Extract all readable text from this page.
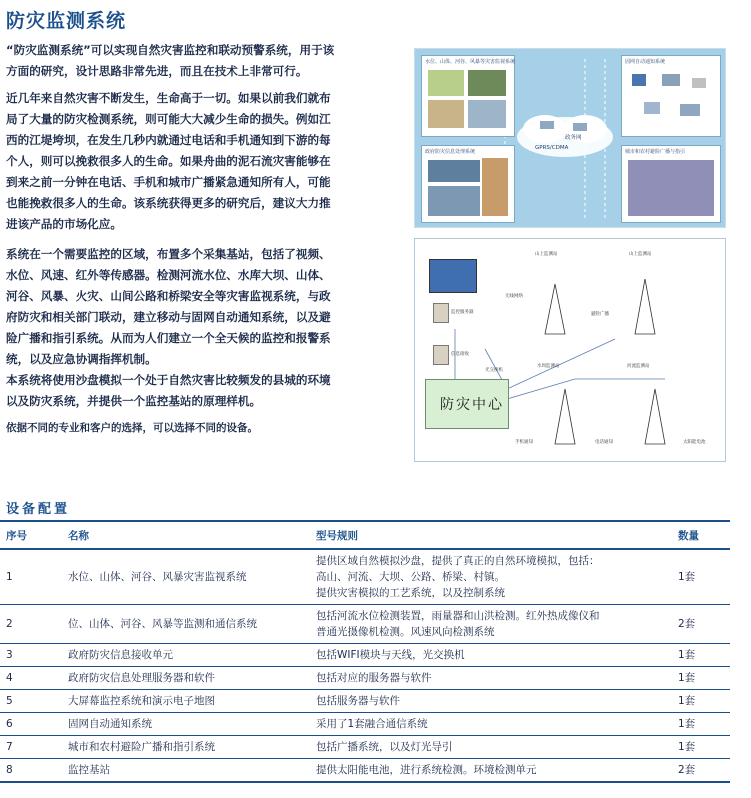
防灾监测系统

“防灾监测系统”可以实现自然灾害监控和联动预警系统，用于该方面的研究，设计思路非常先进，而且在技术上非常可行。

近几年来自然灾害不断发生，生命高于一切。如果以前我们就布局了大量的防灾检测系统，则可能大大减少生命的损失。例如江西的江堤垮坝，在发生几秒内就通过电话和手机通知到下游的每个人，则可以挽救很多人的生命。如果舟曲的泥石流灾害能够在到来之前一分钟在电话、手机和城市广播紧急通知所有人，可能也能挽救很多人的生命。该系统获得更多的研究后，建议大力推进该产品的市场化应。

系统在一个需要监控的区域，布置多个采集基站，包括了视频、水位、风速、红外等传感器。检测河流水位、水库大坝、山体、河谷、风暴、火灾、山间公路和桥梁安全等灾害监视系统，与政府防灾和相关部门联动，建立移动与固网自动通知系统，以及避险广播和指引系统。从而为人们建立一个全天候的监控和报警系统，以及应急协调指挥机制。

本系统将使用沙盘模拟一个处于自然灾害比较频发的县城的环境以及防灾系统，并提供一个监控基站的原理样机。

依据不同的专业和客户的选择，可以选择不同的设备。

水位、山体、河谷、风暴等灾害监视系统	固网自动通知系统
政府防灾信息处理系统	城市和农村避险广播与指引
GPRS/CDMA
政务网
防灾中心
山上监测站	山上监测站
水坝监测站	河流监测站
监控服务器
信息接收
无线网络
光交换机
避险广播
手机通知	电话通知	太阳能电池
设备配置
序号	名称	型号规则	数量
1	水位、山体、河谷、风暴灾害监视系统	提供区域自然模拟沙盘，提供了真正的自然环境模拟，包括：
高山、河流、大坝、公路、桥梁、村镇。
提供灾害模拟的工艺系统，以及控制系统	1套
2	位、山体、河谷、风暴等监测和通信系统	包括河流水位检测装置，雨量器和山洪检测。红外热成像仪和
普通光摄像机检测。风速风向检测系统	2套
3	政府防灾信息接收单元	包括WIFI模块与天线，光交换机	1套
4	政府防灾信息处理服务器和软件	包括对应的服务器与软件	1套
5	大屏幕监控系统和演示电子地图	包括服务器与软件	1套
6	固网自动通知系统	采用了1套融合通信系统	1套
7	城市和农村避险广播和指引系统	包括广播系统，以及灯光导引	1套
8	监控基站	提供太阳能电池，进行系统检测。环境检测单元	2套
